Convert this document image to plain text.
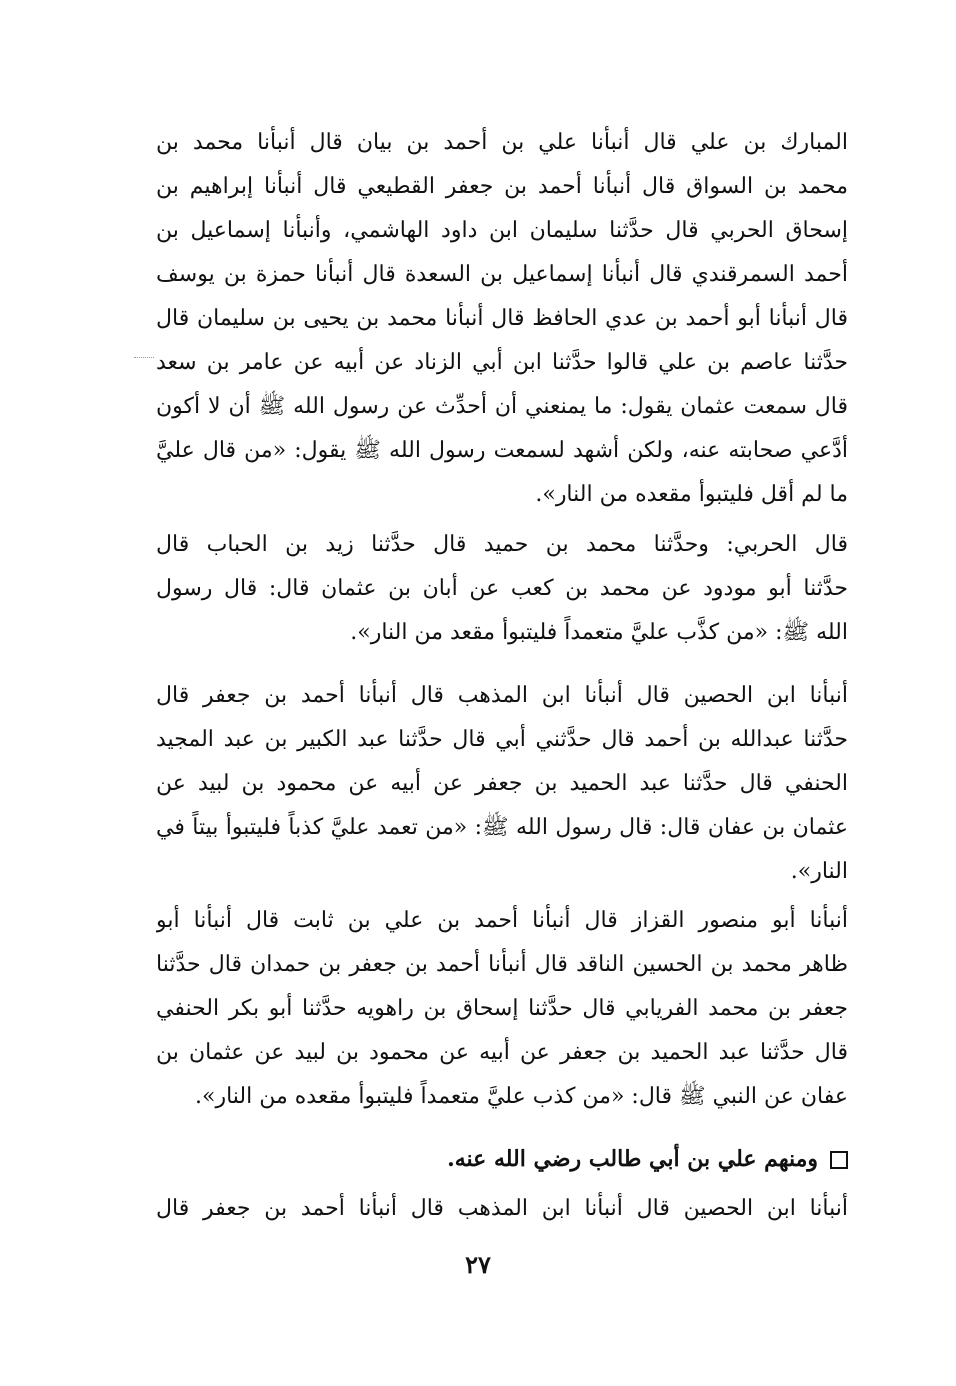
المبارك بن علي قال أنبأنا علي بن أحمد بن بيان قال أنبأنا محمد بن
محمد بن السواق قال أنبأنا أحمد بن جعفر القطيعي قال أنبأنا إبراهيم بن
إسحاق الحربي قال حدَّثنا سليمان ابن داود الهاشمي، وأنبأنا إسماعيل بن
أحمد السمرقندي قال أنبأنا إسماعيل بن السعدة قال أنبأنا حمزة بن يوسف
قال أنبأنا أبو أحمد بن عدي الحافظ قال أنبأنا محمد بن يحيى بن سليمان قال
حدَّثنا عاصم بن علي قالوا حدَّثنا ابن أبي الزناد عن أبيه عن عامر بن سعد
قال سمعت عثمان يقول: ما يمنعني أن أحدِّث عن رسول الله ﷺ أن لا أكون
أدَّعي صحابته عنه، ولكن أشهد لسمعت رسول الله ﷺ يقول: «من قال عليَّ
ما لم أقل فليتبوأ مقعده من النار».
قال الحربي: وحدَّثنا محمد بن حميد قال حدَّثنا زيد بن الحباب قال
حدَّثنا أبو مودود عن محمد بن كعب عن أبان بن عثمان قال: قال رسول
الله ﷺ: «من كذَّب عليَّ متعمداً فليتبوأ مقعد من النار».
أنبأنا ابن الحصين قال أنبأنا ابن المذهب قال أنبأنا أحمد بن جعفر قال
حدَّثنا عبدالله بن أحمد قال حدَّثني أبي قال حدَّثنا عبد الكبير بن عبد المجيد
الحنفي قال حدَّثنا عبد الحميد بن جعفر عن أبيه عن محمود بن لبيد عن
عثمان بن عفان قال: قال رسول الله ﷺ: «من تعمد عليَّ كذباً فليتبوأ بيتاً في
النار».
أنبأنا أبو منصور القزاز قال أنبأنا أحمد بن علي بن ثابت قال أنبأنا أبو
ظاهر محمد بن الحسين الناقد قال أنبأنا أحمد بن جعفر بن حمدان قال حدَّثنا
جعفر بن محمد الفريابي قال حدَّثنا إسحاق بن راهويه حدَّثنا أبو بكر الحنفي
قال حدَّثنا عبد الحميد بن جعفر عن أبيه عن محمود بن لبيد عن عثمان بن
عفان عن النبي ﷺ قال: «من كذب عليَّ متعمداً فليتبوأ مقعده من النار».
ومنهم علي بن أبي طالب رضي الله عنه.
أنبأنا ابن الحصين قال أنبأنا ابن المذهب قال أنبأنا أحمد بن جعفر قال
٢٧
